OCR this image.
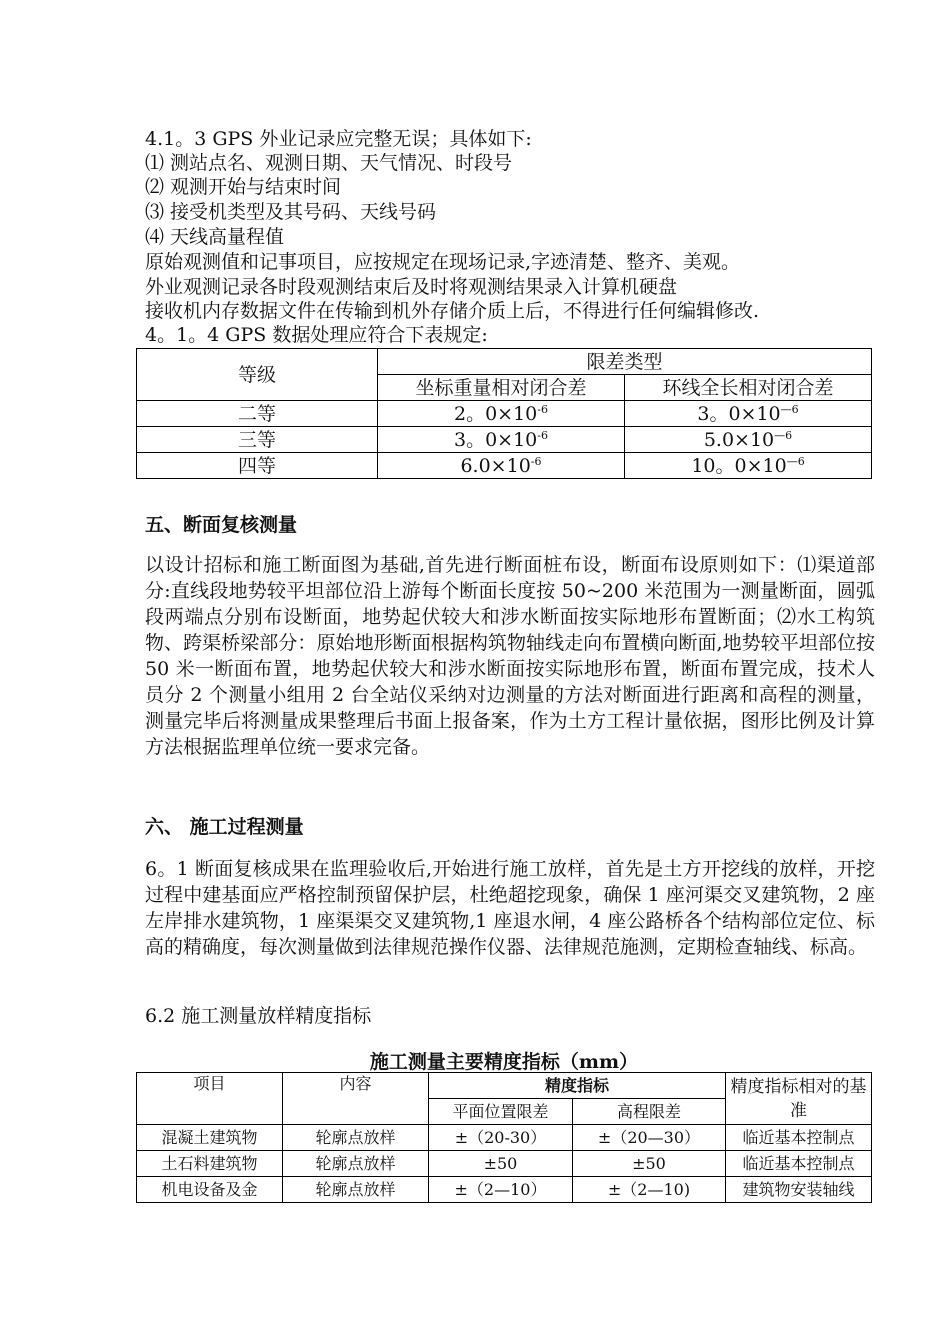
4.1。3 GPS 外业记录应完整无误；具体如下:
⑴ 测站点名、观测日期、天气情况、时段号
⑵ 观测开始与结束时间
⑶ 接受机类型及其号码、天线号码
⑷ 天线高量程值
原始观测值和记事项目，应按规定在现场记录,字迹清楚、整齐、美观。
外业观测记录各时段观测结束后及时将观测结果录入计算机硬盘
接收机内存数据文件在传输到机外存储介质上后，不得进行任何编辑修改.
4。1。4 GPS 数据处理应符合下表规定:
等级	限差类型	
	坐标重量相对闭合差	环线全长相对闭合差
二等	2。$0\times 10^{-6}$	3。$0\times 10^{—6}$
三等	3。$0\times 10^{-6}$	$5.0\times 10^{—6}$
四等	$6.0\times 10^{-6}$	10。$0\times 10^{—6}$
五、断面复核测量

以设计招标和施工断面图为基础,首先进行断面桩布设，断面布设原则如下：⑴渠道部分:直线段地势较平坦部位沿上游每个断面长度按 50~200 米范围为一测量断面，圆弧段两端点分别布设断面，地势起伏较大和涉水断面按实际地形布置断面；⑵水工构筑物、跨渠桥梁部分：原始地形断面根据构筑物轴线走向布置横向断面,地势较平坦部位按 50 米一断面布置，地势起伏较大和涉水断面按实际地形布置，断面布置完成，技术人员分 2 个测量小组用 2 台全站仪采纳对边测量的方法对断面进行距离和高程的测量，测量完毕后将测量成果整理后书面上报备案，作为土方工程计量依据，图形比例及计算方法根据监理单位统一要求完备。

六、 施工过程测量

6。1 断面复核成果在监理验收后,开始进行施工放样，首先是土方开挖线的放样，开挖过程中建基面应严格控制预留保护层，杜绝超挖现象，确保 1 座河渠交叉建筑物，2 座左岸排水建筑物，1 座渠渠交叉建筑物,1 座退水闸，4 座公路桥各个结构部位定位、标高的精确度，每次测量做到法律规范操作仪器、法律规范施测，定期检查轴线、标高。

6.2 施工测量放样精度指标
施工测量主要精度指标（mm）
项目	内容	精度指标		精度指标相对的基准
		平面位置限差	高程限差	
混凝土建筑物	轮廓点放样	±（20-30）	±（20—30）	临近基本控制点
土石料建筑物	轮廓点放样	±50	±50	临近基本控制点
机电设备及金	轮廓点放样	±（2—10）	±（2—10)	建筑物安装轴线
